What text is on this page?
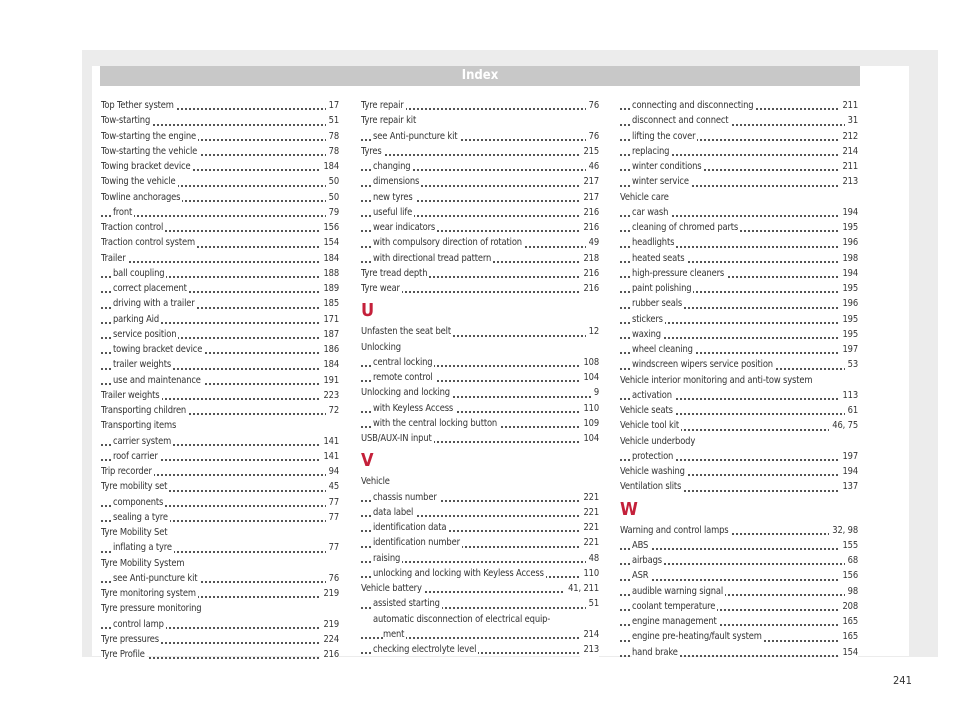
Index
Top Tether system	17
Tow-starting	51
Tow-starting the engine	78
Tow-starting the vehicle	78
Towing bracket device	184
Towing the vehicle	50
Towline anchorages	50
front	79
Traction control	156
Traction control system	154
Trailer	184
ball coupling	188
correct placement	189
driving with a trailer	185
parking Aid	171
service position	187
towing bracket device	186
trailer weights	184
use and maintenance	191
Trailer weights	223
Transporting children	72
Transporting items
carrier system	141
roof carrier	141
Trip recorder	94
Tyre mobility set	45
components	77
sealing a tyre	77
Tyre Mobility Set
inflating a tyre	77
Tyre Mobility System
see Anti-puncture kit	76
Tyre monitoring system	219
Tyre pressure monitoring
control lamp	219
Tyre pressures	224
Tyre Profile	216
Tyre repair	76
Tyre repair kit
see Anti-puncture kit	76
Tyres	215
changing	46
dimensions	217
new tyres	217
useful life	216
wear indicators	216
with compulsory direction of rotation	49
with directional tread pattern	218
Tyre tread depth	216
Tyre wear	216
U
Unfasten the seat belt	12
Unlocking
central locking	108
remote control	104
Unlocking and locking	9
with Keyless Access	110
with the central locking button	109
USB/AUX-IN input	104
V
Vehicle
chassis number	221
data label	221
identification data	221
identification number	221
raising	48
unlocking and locking with Keyless Access	110
Vehicle battery	41, 211
assisted starting	51
automatic disconnection of electrical equip-
ment	214
checking electrolyte level	213
connecting and disconnecting	211
disconnect and connect	31
lifting the cover	212
replacing	214
winter conditions	211
winter service	213
Vehicle care
car wash	194
cleaning of chromed parts	195
headlights	196
heated seats	198
high-pressure cleaners	194
paint polishing	195
rubber seals	196
stickers	195
waxing	195
wheel cleaning	197
windscreen wipers service position	53
Vehicle interior monitoring and anti-tow system
activation	113
Vehicle seats	61
Vehicle tool kit	46, 75
Vehicle underbody
protection	197
Vehicle washing	194
Ventilation slits	137
W
Warning and control lamps	32, 98
ABS	155
airbags	68
ASR	156
audible warning signal	98
coolant temperature	208
engine management	165
engine pre-heating/fault system	165
hand brake	154
241
